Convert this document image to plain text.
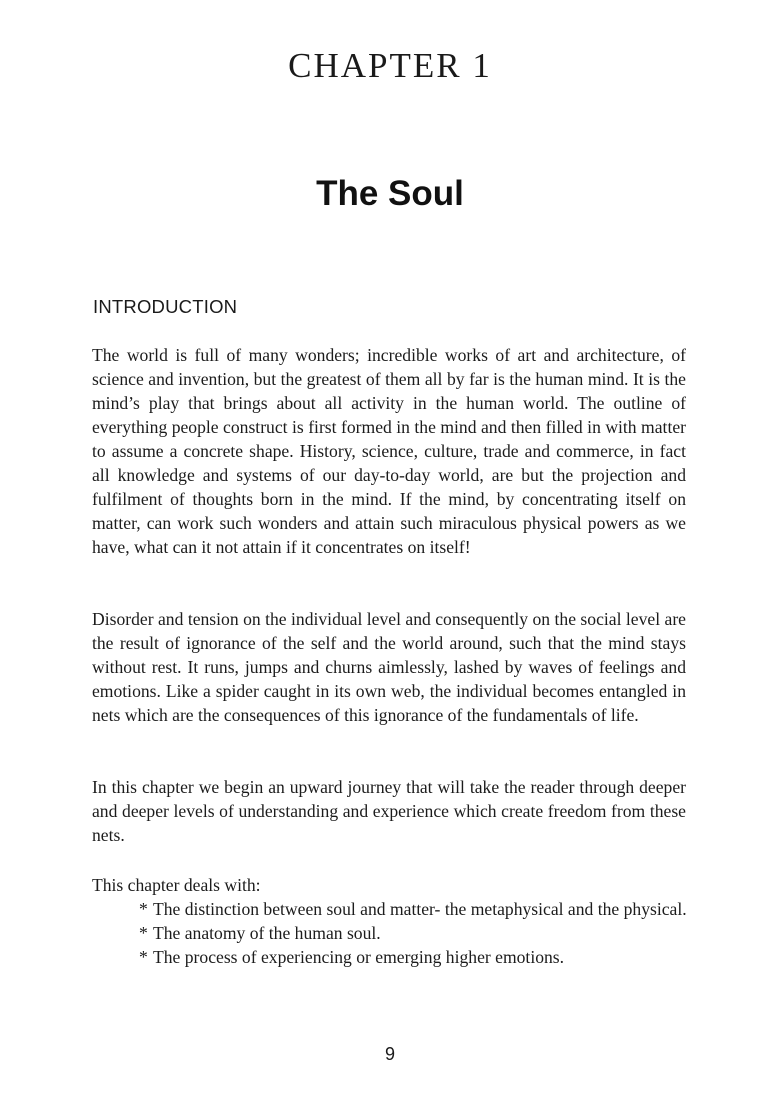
CHAPTER 1
The Soul
INTRODUCTION

The world is full of many wonders; incredible works of art and architecture, of science and invention, but the greatest of them all by far is the human mind. It is the mind’s play that brings about all activity in the human world. The outline of everything people construct is first formed in the mind and then filled in with matter to assume a concrete shape. History, science, culture, trade and commerce, in fact all knowledge and systems of our day-to-day world, are but the projection and fulfilment of thoughts born in the mind. If the mind, by concentrating itself on matter, can work such wonders and attain such miraculous physical powers as we have, what can it not attain if it concentrates on itself!

Disorder and tension on the individual level and consequently on the social level are the result of ignorance of the self and the world around, such that the mind stays without rest. It runs, jumps and churns aimlessly, lashed by waves of feelings and emotions. Like a spider caught in its own web, the individual becomes entangled in nets which are the consequences of this ignorance of the fundamentals of life.

In this chapter we begin an upward journey that will take the reader through deeper and deeper levels of understanding and experience which create freedom from these nets.

This chapter deals with:

* The distinction between soul and matter- the metaphysical and the physical.
* The anatomy of the human soul.
* The process of experiencing or emerging higher emotions.
9
